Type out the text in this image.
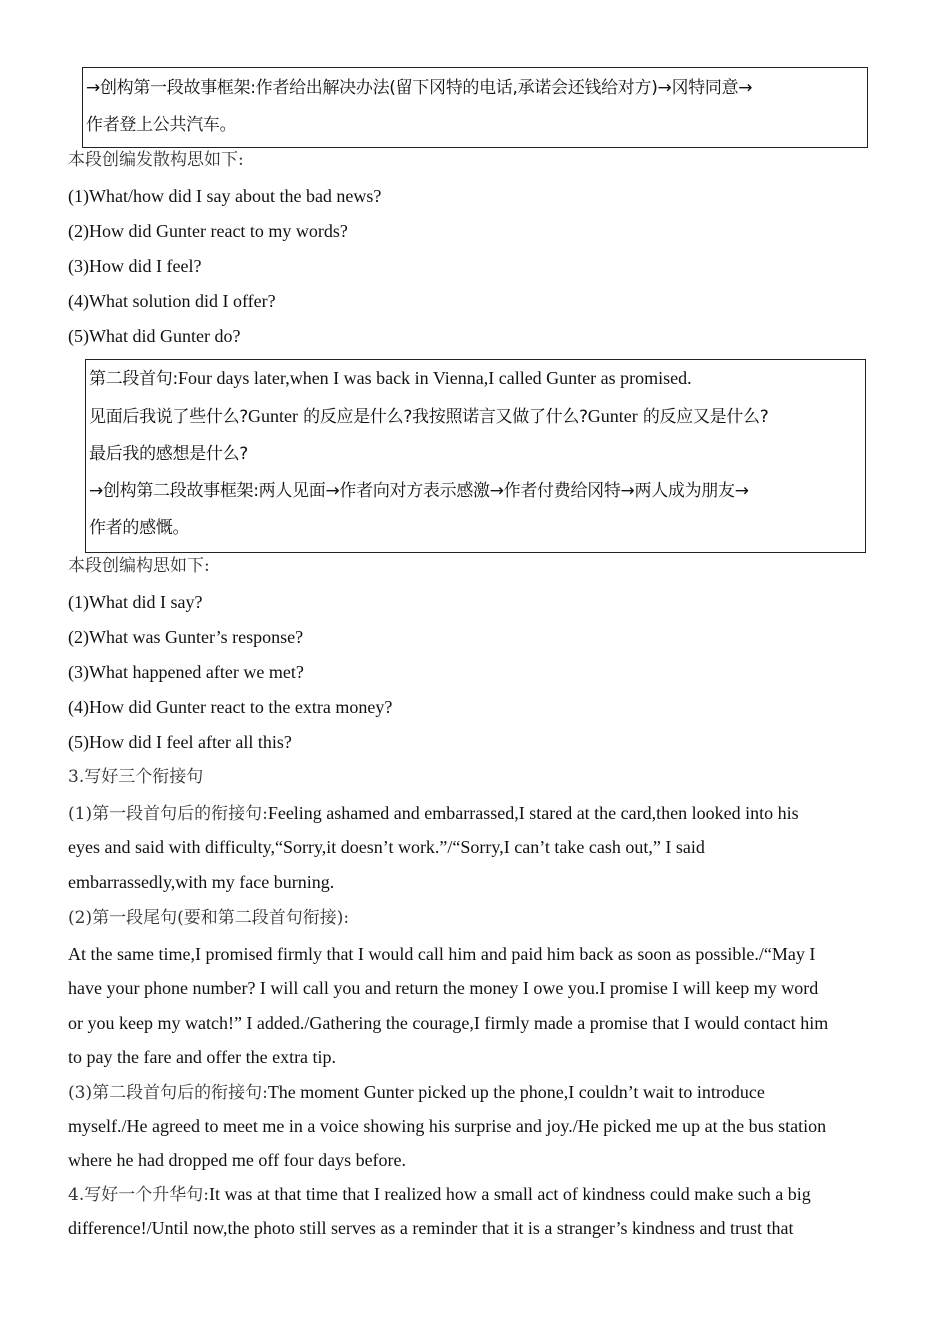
→创构第一段故事框架:作者给出解决办法(留下冈特的电话,承诺会还钱给对方)→冈特同意→
作者登上公共汽车。
本段创编发散构思如下:
(1)What/how did I say about the bad news?
(2)How did Gunter react to my words?
(3)How did I feel?
(4)What solution did I offer?
(5)What did Gunter do?
第二段首句:Four days later,when I was back in Vienna,I called Gunter as promised.
见面后我说了些什么?Gunter 的反应是什么?我按照诺言又做了什么?Gunter 的反应又是什么?
最后我的感想是什么?
→创构第二段故事框架:两人见面→作者向对方表示感激→作者付费给冈特→两人成为朋友→
作者的感慨。
本段创编构思如下:
(1)What did I say?
(2)What was Gunter’s response?
(3)What happened after we met?
(4)How did Gunter react to the extra money?
(5)How did I feel after all this?
3.写好三个衔接句
(1)第一段首句后的衔接句:Feeling ashamed and embarrassed,I stared at the card,then looked into his
eyes and said with difficulty,“Sorry,it doesn’t work.”/“Sorry,I can’t take cash out,” I said
embarrassedly,with my face burning.
(2)第一段尾句(要和第二段首句衔接):
At the same time,I promised firmly that I would call him and paid him back as soon as possible./“May I
have your phone number? I will call you and return the money I owe you.I promise I will keep my word
or you keep my watch!” I added./Gathering the courage,I firmly made a promise that I would contact him
to pay the fare and offer the extra tip.
(3)第二段首句后的衔接句:The moment Gunter picked up the phone,I couldn’t wait to introduce
myself./He agreed to meet me in a voice showing his surprise and joy./He picked me up at the bus station
where he had dropped me off four days before.
4.写好一个升华句:It was at that time that I realized how a small act of kindness could make such a big
difference!/Until now,the photo still serves as a reminder that it is a stranger’s kindness and trust that
